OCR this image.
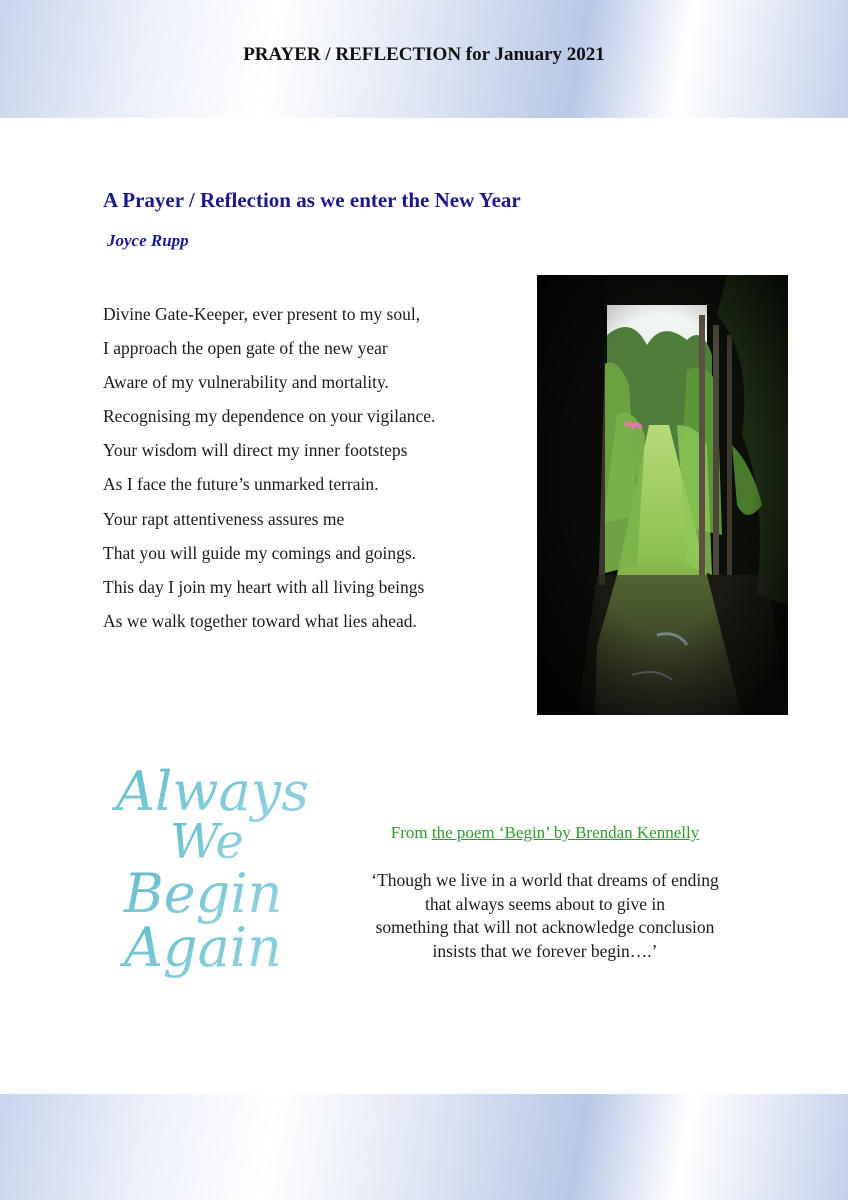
PRAYER / REFLECTION for January 2021
A Prayer / Reflection as we enter the New Year
Joyce Rupp
Divine Gate-Keeper, ever present to my soul,
I approach the open gate of the new year
Aware of my vulnerability and mortality.
Recognising my dependence on your vigilance.
Your wisdom will direct my inner footsteps
As I face the future’s unmarked terrain.
Your rapt attentiveness assures me
That you will guide my comings and goings.
This day I join my heart with all living beings
As we walk together toward what lies ahead.
Always
We
Begin
Again
From the poem ‘Begin’ by Brendan Kennelly
‘Though we live in a world that dreams of ending
that always seems about to give in
something that will not acknowledge conclusion
insists that we forever begin….’
